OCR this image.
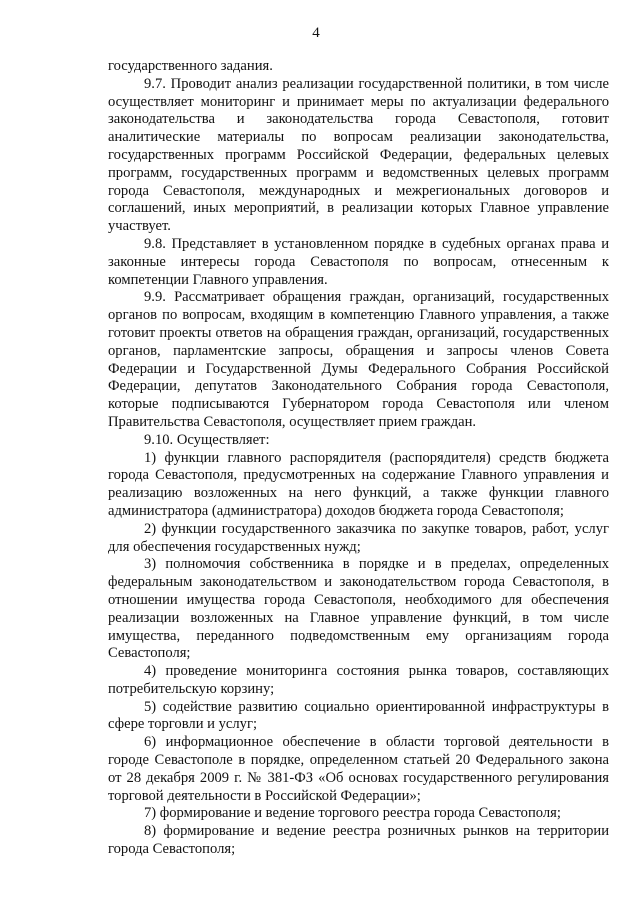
4

государственного задания.

9.7. Проводит анализ реализации государственной политики, в том числе осуществляет мониторинг и принимает меры по актуализации федерального законодательства и законодательства города Севастополя, готовит аналитические материалы по вопросам реализации законодательства, государственных программ Российской Федерации, федеральных целевых программ, государственных программ и ведомственных целевых программ города Севастополя, международных и межрегиональных договоров и соглашений, иных мероприятий, в реализации которых Главное управление участвует.

9.8. Представляет в установленном порядке в судебных органах права и законные интересы города Севастополя по вопросам, отнесенным к компетенции Главного управления.

9.9. Рассматривает обращения граждан, организаций, государственных органов по вопросам, входящим в компетенцию Главного управления, а также готовит проекты ответов на обращения граждан, организаций, государственных органов, парламентские запросы, обращения и запросы членов Совета Федерации и Государственной Думы Федерального Собрания Российской Федерации, депутатов Законодательного Собрания города Севастополя, которые подписываются Губернатором города Севастополя или членом Правительства Севастополя, осуществляет прием граждан.

9.10. Осуществляет:

1) функции главного распорядителя (распорядителя) средств бюджета города Севастополя, предусмотренных на содержание Главного управления и реализацию возложенных на него функций, а также функции главного администратора (администратора) доходов бюджета города Севастополя;

2) функции государственного заказчика по закупке товаров, работ, услуг для обеспечения государственных нужд;

3) полномочия собственника в порядке и в пределах, определенных федеральным законодательством и законодательством города Севастополя, в отношении имущества города Севастополя, необходимого для обеспечения реализации возложенных на Главное управление функций, в том числе имущества, переданного подведомственным ему организациям города Севастополя;

4) проведение мониторинга состояния рынка товаров, составляющих потребительскую корзину;

5) содействие развитию социально ориентированной инфраструктуры в сфере торговли и услуг;

6) информационное обеспечение в области торговой деятельности в городе Севастополе в порядке, определенном статьей 20 Федерального закона от 28 декабря 2009 г. № 381-ФЗ «Об основах государственного регулирования торговой деятельности в Российской Федерации»;

7) формирование и ведение торгового реестра города Севастополя;

8) формирование и ведение реестра розничных рынков на территории города Севастополя;
